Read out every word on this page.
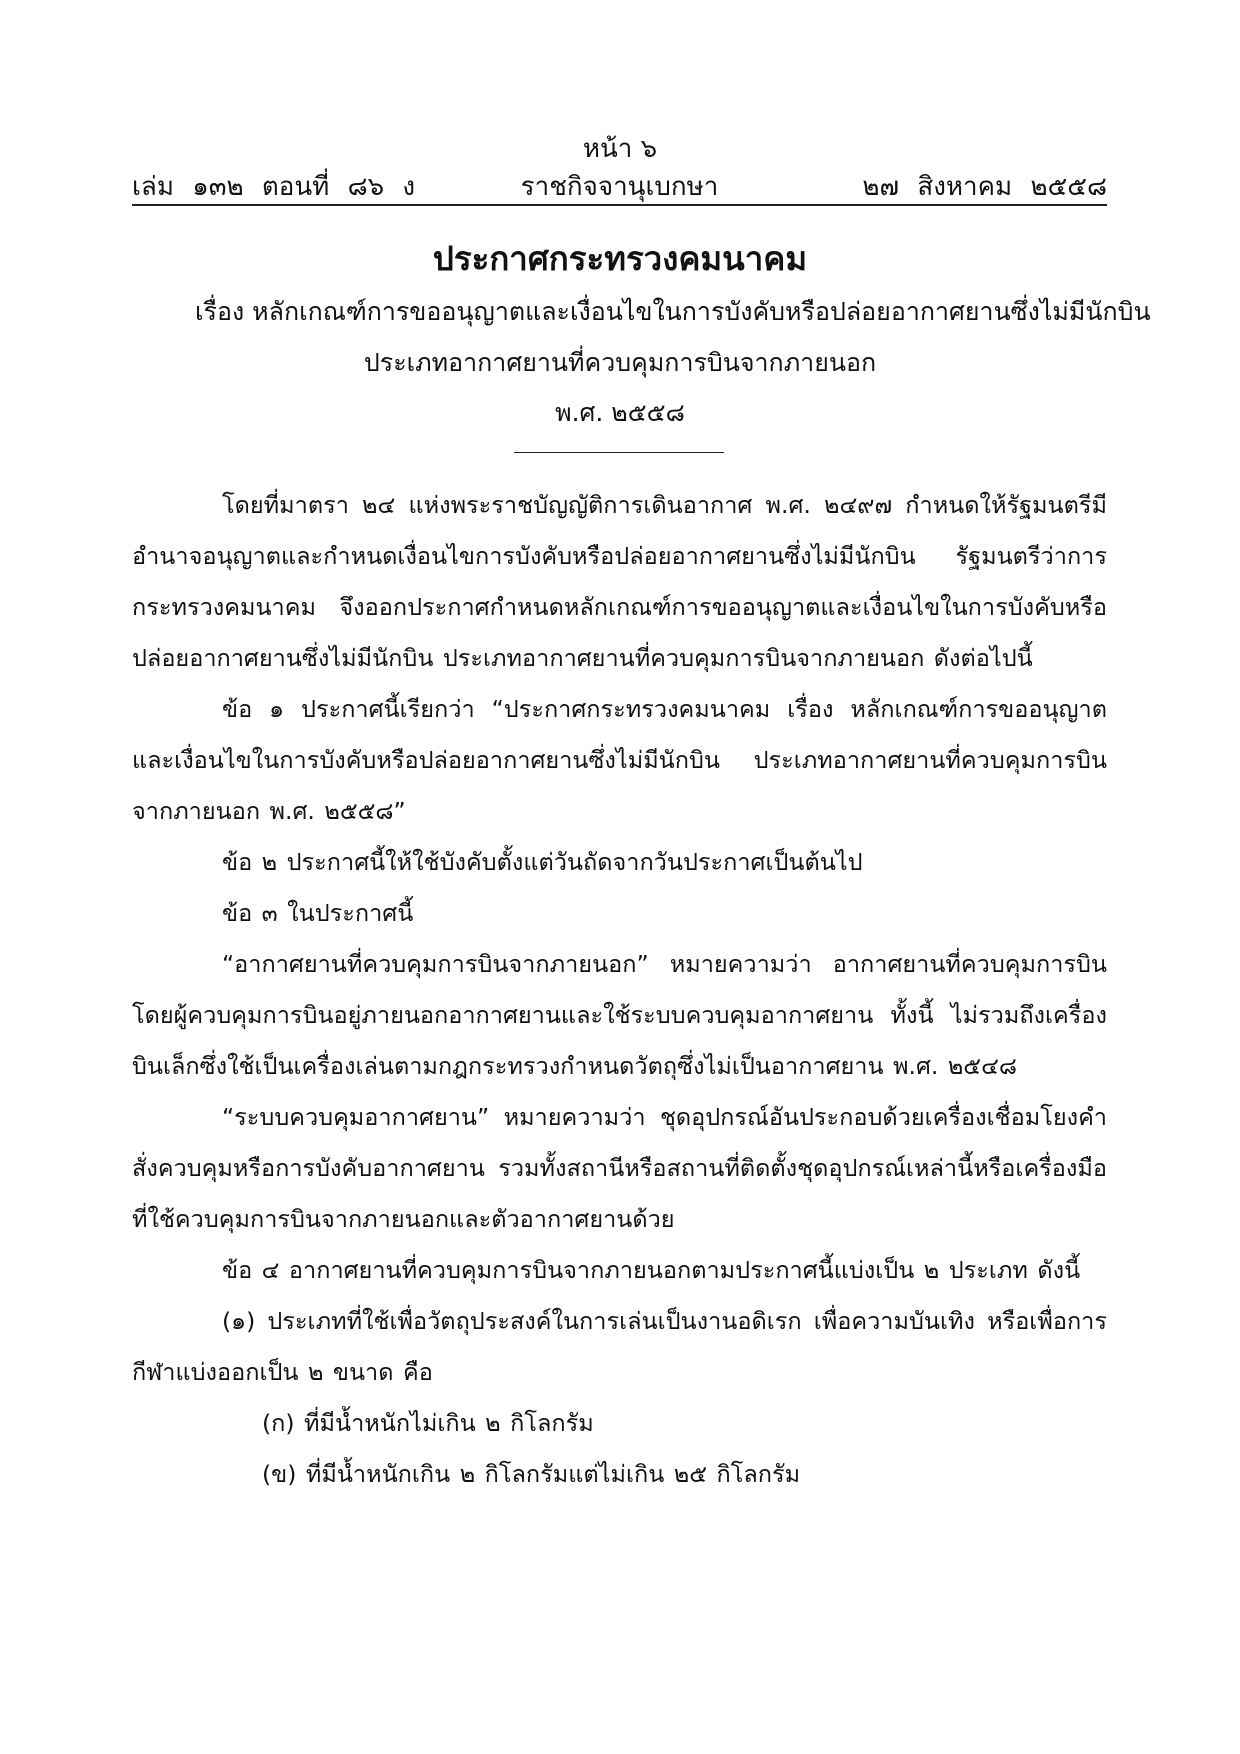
หน้า ๖
เล่ม ๑๓๒ ตอนที่ ๘๖ ง	ราชกิจจานุเบกษา	๒๗ สิงหาคม ๒๕๕๘
ประกาศกระทรวงคมนาคม
เรื่อง หลักเกณฑ์การขออนุญาตและเงื่อนไขในการบังคับหรือปล่อยอากาศยานซึ่งไม่มีนักบิน
ประเภทอากาศยานที่ควบคุมการบินจากภายนอก
พ.ศ. ๒๕๕๘

โดยที่มาตรา ๒๔ แห่งพระราชบัญญัติการเดินอากาศ พ.ศ. ๒๔๙๗ กำหนดให้รัฐมนตรีมีอำนาจอนุญาตและกำหนดเงื่อนไขการบังคับหรือปล่อยอากาศยานซึ่งไม่มีนักบิน รัฐมนตรีว่าการกระทรวงคมนาคม จึงออกประกาศกำหนดหลักเกณฑ์การขออนุญาตและเงื่อนไขในการบังคับหรือปล่อยอากาศยานซึ่งไม่มีนักบิน ประเภทอากาศยานที่ควบคุมการบินจากภายนอก ดังต่อไปนี้

ข้อ ๑ ประกาศนี้เรียกว่า “ประกาศกระทรวงคมนาคม เรื่อง หลักเกณฑ์การขออนุญาตและเงื่อนไขในการบังคับหรือปล่อยอากาศยานซึ่งไม่มีนักบิน ประเภทอากาศยานที่ควบคุมการบินจากภายนอก พ.ศ. ๒๕๕๘”

ข้อ ๒ ประกาศนี้ให้ใช้บังคับตั้งแต่วันถัดจากวันประกาศเป็นต้นไป

ข้อ ๓ ในประกาศนี้

“อากาศยานที่ควบคุมการบินจากภายนอก” หมายความว่า อากาศยานที่ควบคุมการบินโดยผู้ควบคุมการบินอยู่ภายนอกอากาศยานและใช้ระบบควบคุมอากาศยาน ทั้งนี้ ไม่รวมถึงเครื่องบินเล็กซึ่งใช้เป็นเครื่องเล่นตามกฎกระทรวงกำหนดวัตถุซึ่งไม่เป็นอากาศยาน พ.ศ. ๒๕๔๘

“ระบบควบคุมอากาศยาน” หมายความว่า ชุดอุปกรณ์อันประกอบด้วยเครื่องเชื่อมโยงคำสั่งควบคุมหรือการบังคับอากาศยาน รวมทั้งสถานีหรือสถานที่ติดตั้งชุดอุปกรณ์เหล่านี้หรือเครื่องมือที่ใช้ควบคุมการบินจากภายนอกและตัวอากาศยานด้วย

ข้อ ๔ อากาศยานที่ควบคุมการบินจากภายนอกตามประกาศนี้แบ่งเป็น ๒ ประเภท ดังนี้

(๑) ประเภทที่ใช้เพื่อวัตถุประสงค์ในการเล่นเป็นงานอดิเรก เพื่อความบันเทิง หรือเพื่อการกีฬาแบ่งออกเป็น ๒ ขนาด คือ

(ก) ที่มีน้ำหนักไม่เกิน ๒ กิโลกรัม

(ข) ที่มีน้ำหนักเกิน ๒ กิโลกรัมแต่ไม่เกิน ๒๕ กิโลกรัม
